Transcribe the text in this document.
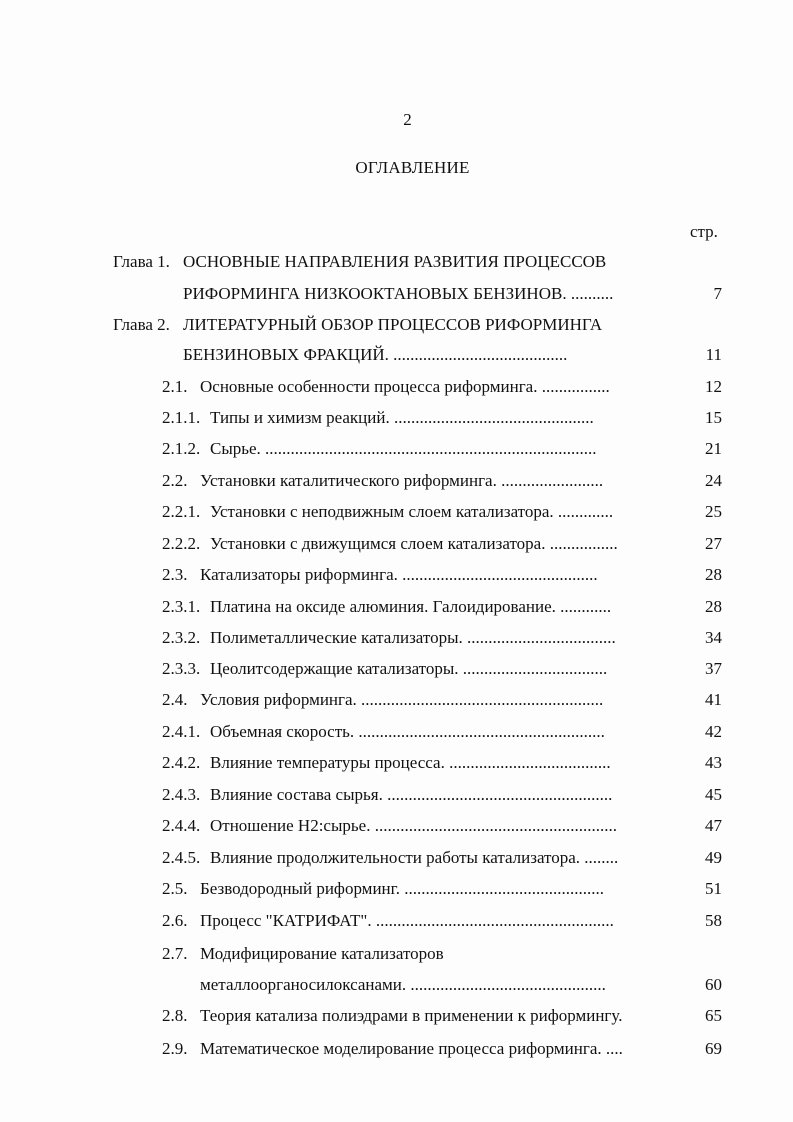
2
ОГЛАВЛЕНИЕ
стр.
Глава 1. ОСНОВНЫЕ НАПРАВЛЕНИЯ РАЗВИТИЯ ПРОЦЕССОВ
РИФОРМИНГА НИЗКООКТАНОВЫХ БЕНЗИНОВ. ..........	7
Глава 2. ЛИТЕРАТУРНЫЙ ОБЗОР ПРОЦЕССОВ РИФОРМИНГА
БЕНЗИНОВЫХ ФРАКЦИЙ. .........................................	11
2.1. Основные особенности процесса риформинга. ................	12
2.1.1. Типы и химизм реакций. ...............................................	15
2.1.2. Сырье. ..............................................................................	21
2.2. Установки каталитического риформинга. ........................	24
2.2.1. Установки с неподвижным слоем катализатора. .............	25
2.2.2. Установки с движущимся слоем катализатора. ................	27
2.3. Катализаторы риформинга. ..............................................	28
2.3.1. Платина на оксиде алюминия. Галоидирование. ............	28
2.3.2. Полиметаллические катализаторы. ...................................	34
2.3.3. Цеолитсодержащие катализаторы. ..................................	37
2.4. Условия риформинга. .........................................................	41
2.4.1. Объемная скорость. ..........................................................	42
2.4.2. Влияние температуры процесса. ......................................	43
2.4.3. Влияние состава сырья. .....................................................	45
2.4.4. Отношение Н2:сырье. .........................................................	47
2.4.5. Влияние продолжительности работы катализатора. ........	49
2.5. Безводородный риформинг. ...............................................	51
2.6. Процесс "КАТРИФАТ". ........................................................	58
2.7. Модифицирование катализаторов
металлоорганосилоксанами. ..............................................	60
2.8. Теория катализа полиэдрами в применении к риформингу.	65
2.9. Математическое моделирование процесса риформинга. ....	69
